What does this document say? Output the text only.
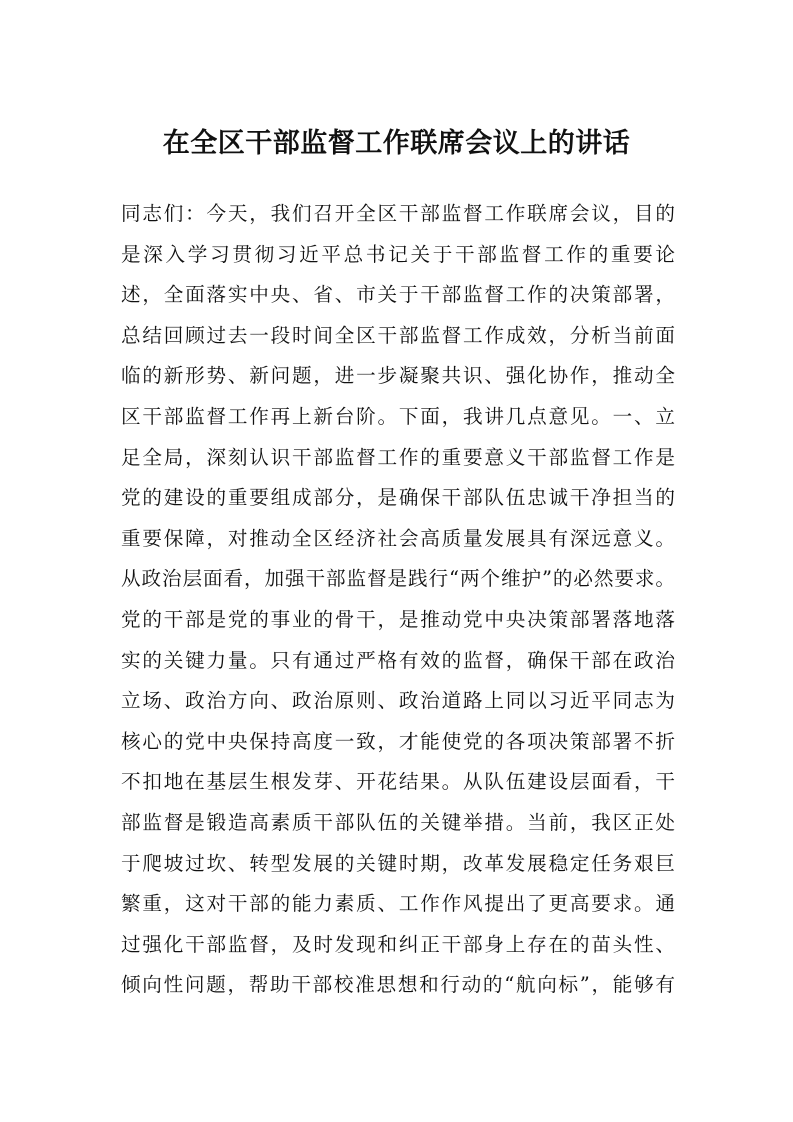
在全区干部监督工作联席会议上的讲话
同志们：今天，我们召开全区干部监督工作联席会议，目的
是深入学习贯彻习近平总书记关于干部监督工作的重要论
述，全面落实中央、省、市关于干部监督工作的决策部署，
总结回顾过去一段时间全区干部监督工作成效，分析当前面
临的新形势、新问题，进一步凝聚共识、强化协作，推动全
区干部监督工作再上新台阶。下面，我讲几点意见。一、立
足全局，深刻认识干部监督工作的重要意义干部监督工作是
党的建设的重要组成部分，是确保干部队伍忠诚干净担当的
重要保障，对推动全区经济社会高质量发展具有深远意义。
从政治层面看，加强干部监督是践行“两个维护”的必然要求。
党的干部是党的事业的骨干，是推动党中央决策部署落地落
实的关键力量。只有通过严格有效的监督，确保干部在政治
立场、政治方向、政治原则、政治道路上同以习近平同志为
核心的党中央保持高度一致，才能使党的各项决策部署不折
不扣地在基层生根发芽、开花结果。从队伍建设层面看，干
部监督是锻造高素质干部队伍的关键举措。当前，我区正处
于爬坡过坎、转型发展的关键时期，改革发展稳定任务艰巨
繁重，这对干部的能力素质、工作作风提出了更高要求。通
过强化干部监督，及时发现和纠正干部身上存在的苗头性、
倾向性问题，帮助干部校准思想和行动的“航向标”，能够有
